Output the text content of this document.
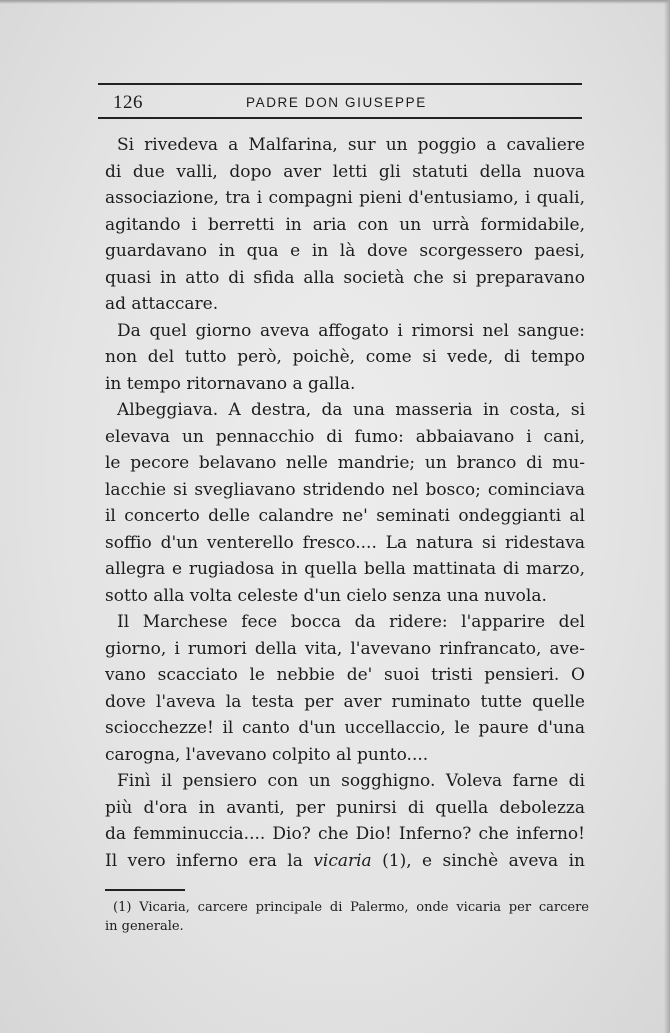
126	PADRE DON GIUSEPPE
Si rivedeva a Malfarina, sur un poggio a cavaliere
di due valli, dopo aver letti gli statuti della nuova
associazione, tra i compagni pieni d'entusiamo, i quali,
agitando i berretti in aria con un urrà formidabile,
guardavano in qua e in là dove scorgessero paesi,
quasi in atto di sfida alla società che si preparavano
ad attaccare.
Da quel giorno aveva affogato i rimorsi nel sangue:
non del tutto però, poichè, come si vede, di tempo
in tempo ritornavano a galla.
Albeggiava. A destra, da una masseria in costa, si
elevava un pennacchio di fumo: abbaiavano i cani,
le pecore belavano nelle mandrie; un branco di mu-
lacchie si svegliavano stridendo nel bosco; cominciava
il concerto delle calandre ne' seminati ondeggianti al
soffio d'un venterello fresco.... La natura si ridestava
allegra e rugiadosa in quella bella mattinata di marzo,
sotto alla volta celeste d'un cielo senza una nuvola.
Il Marchese fece bocca da ridere: l'apparire del
giorno, i rumori della vita, l'avevano rinfrancato, ave-
vano scacciato le nebbie de' suoi tristi pensieri. O
dove l'aveva la testa per aver ruminato tutte quelle
sciocchezze! il canto d'un uccellaccio, le paure d'una
carogna, l'avevano colpito al punto....
Finì il pensiero con un sogghigno. Voleva farne di
più d'ora in avanti, per punirsi di quella debolezza
da femminuccia.... Dio? che Dio! Inferno? che inferno!
Il vero inferno era la vicaria (1), e sinchè aveva in
(1) Vicaria, carcere principale di Palermo, onde vicaria per carcere
in generale.
